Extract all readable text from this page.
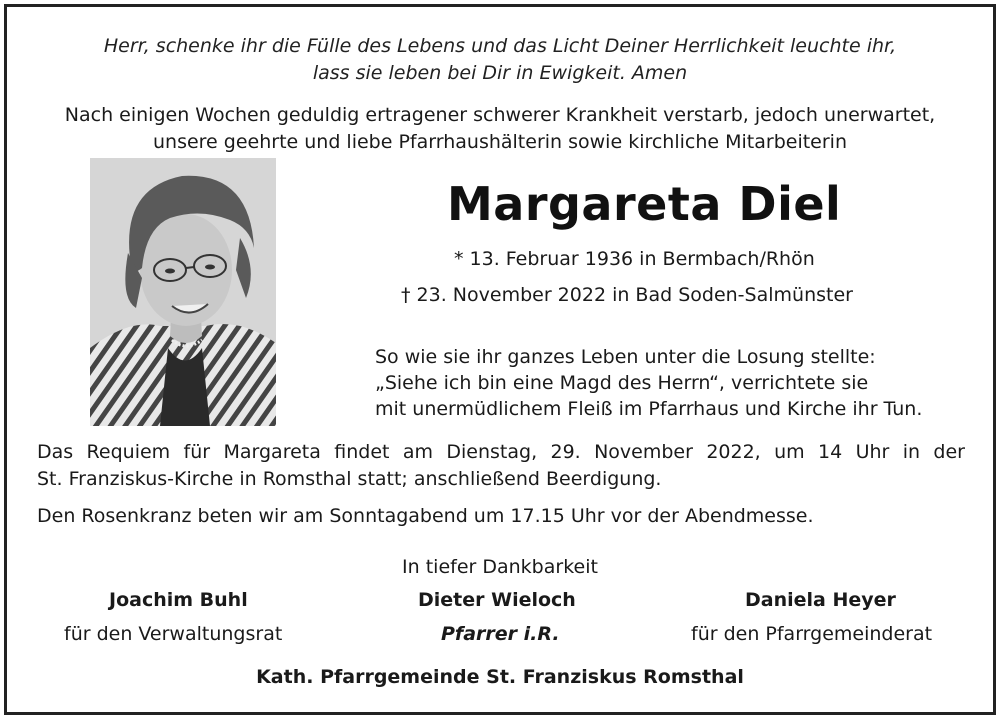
Herr, schenke ihr die Fülle des Lebens und das Licht Deiner Herrlichkeit leuchte ihr,
lass sie leben bei Dir in Ewigkeit. Amen
Nach einigen Wochen geduldig ertragener schwerer Krankheit verstarb, jedoch unerwartet,
unsere geehrte und liebe Pfarrhaushälterin sowie kirchliche Mitarbeiterin
Margareta Diel
* 13. Februar 1936 in Bermbach/Rhön
† 23. November 2022 in Bad Soden-Salmünster
So wie sie ihr ganzes Leben unter die Losung stellte:
„Siehe ich bin eine Magd des Herrn“, verrichtete sie
mit unermüdlichem Fleiß im Pfarrhaus und Kirche ihr Tun.
Das Requiem für Margareta findet am Dienstag, 29. November 2022, um 14 Uhr in der
St. Franziskus-Kirche in Romsthal statt; anschließend Beerdigung.
Den Rosenkranz beten wir am Sonntagabend um 17.15 Uhr vor der Abendmesse.
In tiefer Dankbarkeit
Joachim Buhl
für den Verwaltungsrat
Dieter Wieloch
Pfarrer i.R.
Daniela Heyer
für den Pfarrgemeinderat
Kath. Pfarrgemeinde St. Franziskus Romsthal
